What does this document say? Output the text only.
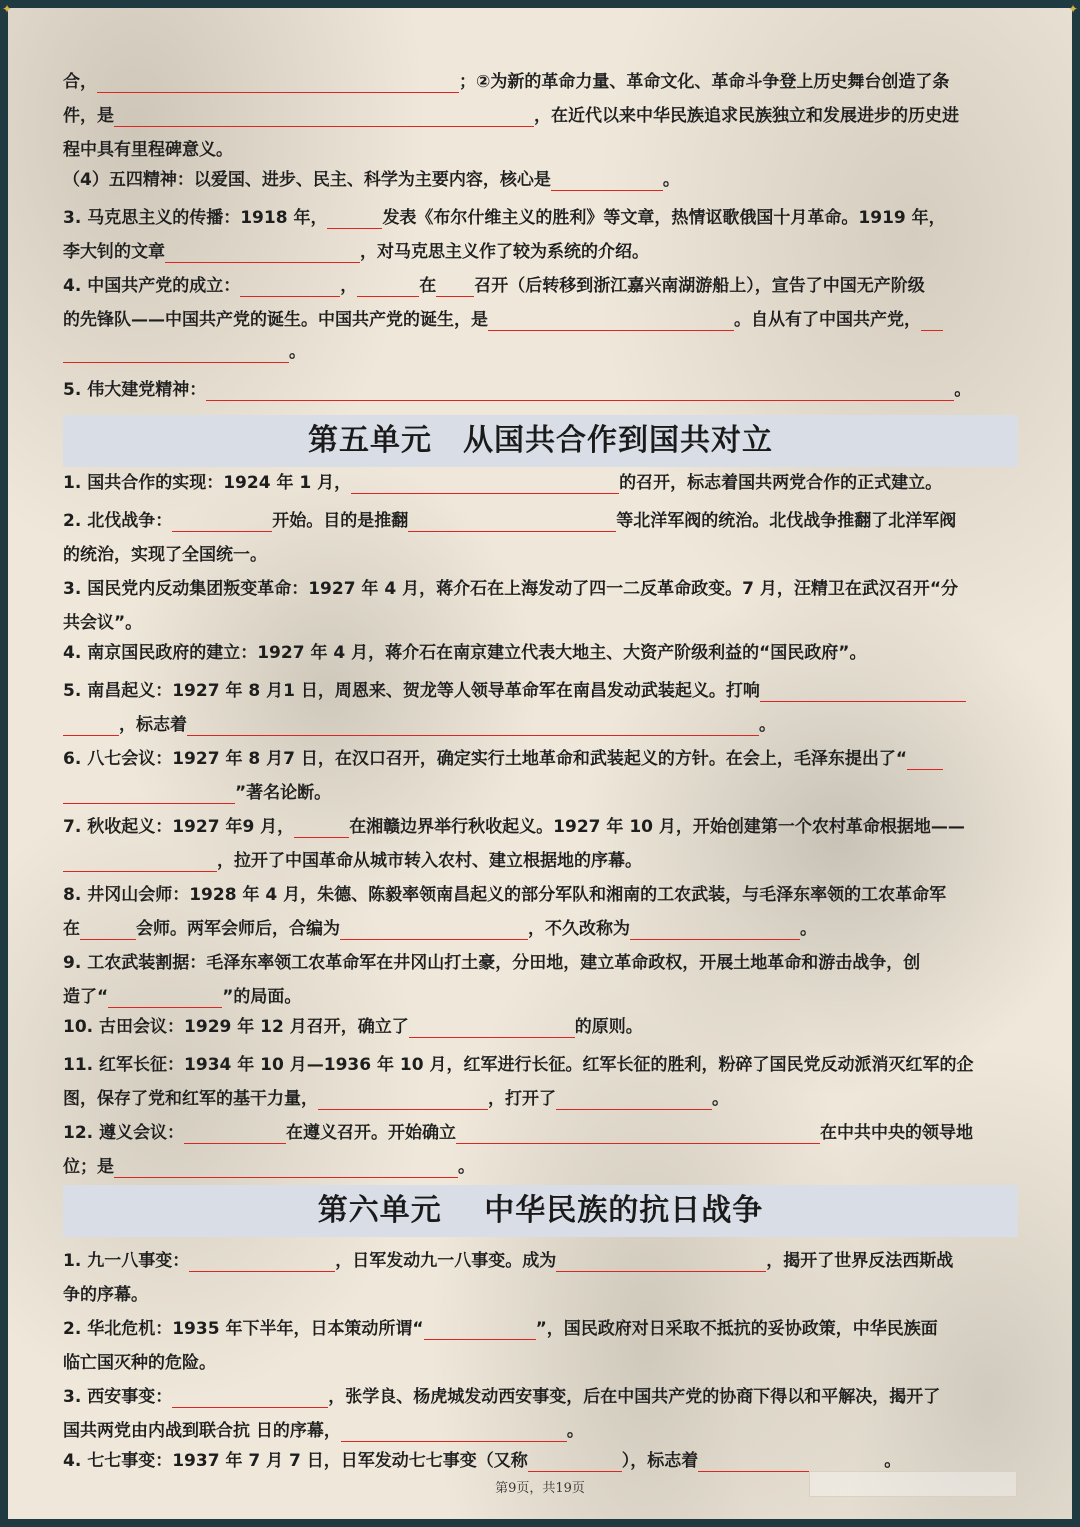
✦	✦
合，	；②为新的革命力量、革命文化、革命斗争登上历史舞台创造了条
件，是	，在近代以来中华民族追求民族独立和发展进步的历史进
程中具有里程碑意义。
（4）五四精神：以爱国、进步、民主、科学为主要内容，核心是	。
3. 马克思主义的传播：1918 年，	发表《布尔什维主义的胜利》等文章，热情讴歌俄国十月革命。1919 年，
李大钊的文章	，对马克思主义作了较为系统的介绍。
4. 中国共产党的成立：	，	在 召开（后转移到浙江嘉兴南湖游船上），宣告了中国无产阶级
的先锋队——中国共产党的诞生。中国共产党的诞生，是	。自从有了中国共产党，
。
5. 伟大建党精神：	。
第五单元　从国共合作到国共对立
1. 国共合作的实现：1924 年 1 月，	的召开，标志着国共两党合作的正式建立。
2. 北伐战争：	开始。目的是推翻	等北洋军阀的统治。北伐战争推翻了北洋军阀
的统治，实现了全国统一。
3. 国民党内反动集团叛变革命：1927 年 4 月，蒋介石在上海发动了四一二反革命政变。7 月，汪精卫在武汉召开“分
共会议”。
4. 南京国民政府的建立：1927 年 4 月，蒋介石在南京建立代表大地主、大资产阶级利益的“国民政府”。
5. 南昌起义：1927 年 8 月1 日，周恩来、贺龙等人领导革命军在南昌发动武装起义。打响
，标志着	。
6. 八七会议：1927 年 8 月7 日，在汉口召开，确定实行土地革命和武装起义的方针。在会上，毛泽东提出了“
”著名论断。
7. 秋收起义：1927 年9 月，	在湘赣边界举行秋收起义。1927 年 10 月，开始创建第一个农村革命根据地——
，拉开了中国革命从城市转入农村、建立根据地的序幕。
8. 井冈山会师：1928 年 4 月，朱德、陈毅率领南昌起义的部分军队和湘南的工农武装，与毛泽东率领的工农革命军
在	会师。两军会师后，合编为	，不久改称为	。
9. 工农武装割据：毛泽东率领工农革命军在井冈山打土豪，分田地，建立革命政权，开展土地革命和游击战争，创
造了“	”的局面。
10. 古田会议：1929 年 12 月召开，确立了	的原则。
11. 红军长征：1934 年 10 月—1936 年 10 月，红军进行长征。红军长征的胜利，粉碎了国民党反动派消灭红军的企
图，保存了党和红军的基干力量，	，打开了	。
12. 遵义会议：	在遵义召开。开始确立	在中共中央的领导地
位；是	。
第六单元　 中华民族的抗日战争
1. 九一八事变：	，日军发动九一八事变。成为	，揭开了世界反法西斯战
争的序幕。
2. 华北危机：1935 年下半年，日本策动所谓“	”，国民政府对日采取不抵抗的妥协政策，中华民族面
临亡国灭种的危险。
3. 西安事变：	，张学良、杨虎城发动西安事变，后在中国共产党的协商下得以和平解决，揭开了
国共两党由内战到联合抗 日的序幕，	。
4. 七七事变：1937 年 7 月 7 日，日军发动七七事变（又称	），标志着	。
第9页，共19页
